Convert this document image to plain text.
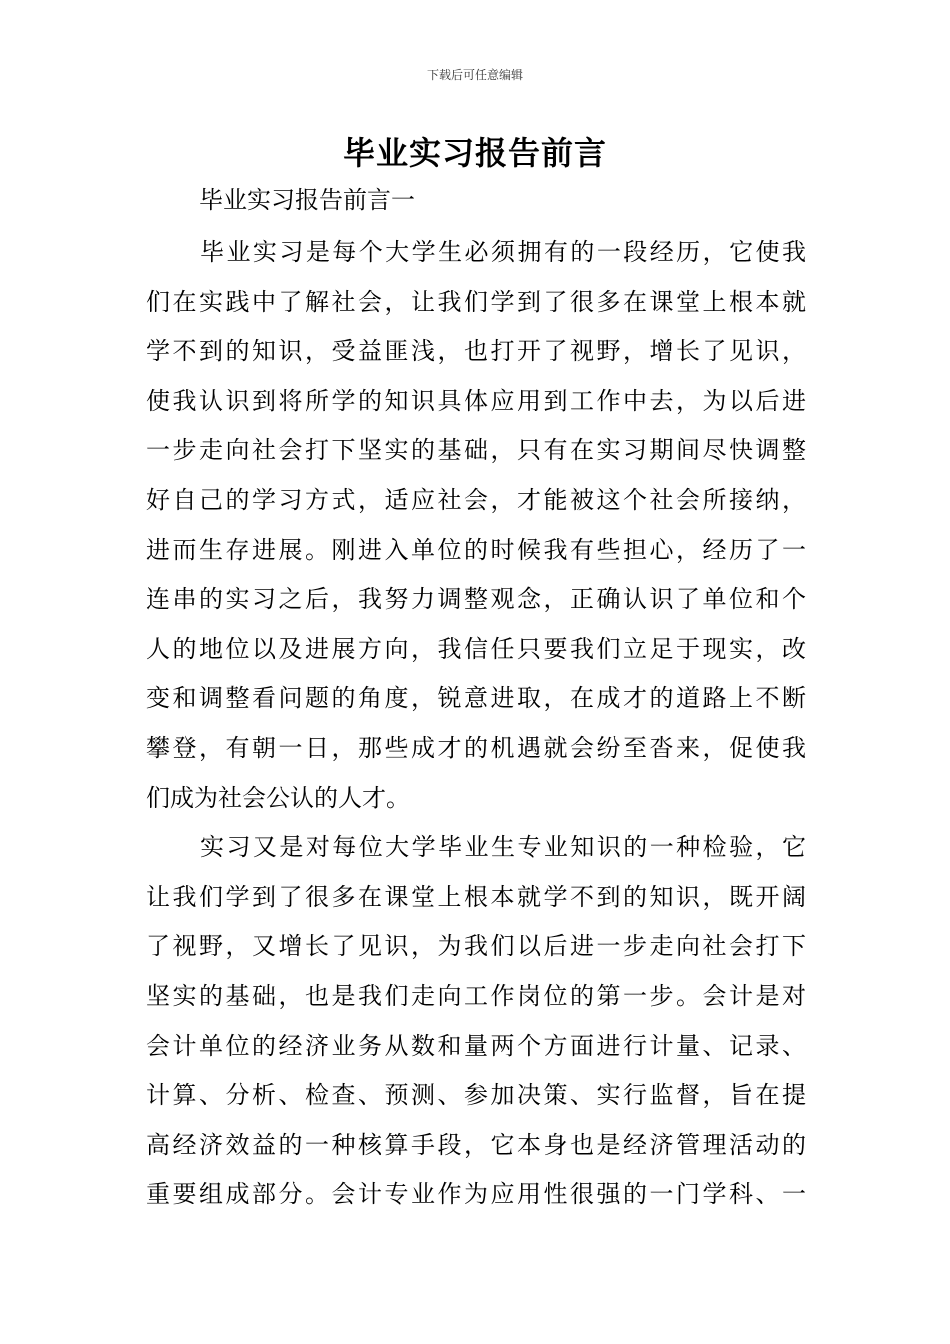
下载后可任意编辑
毕业实习报告前言
毕业实习报告前言一
毕业实习是每个大学生必须拥有的一段经历，它使我
们在实践中了解社会，让我们学到了很多在课堂上根本就
学不到的知识，受益匪浅，也打开了视野，增长了见识，
使我认识到将所学的知识具体应用到工作中去，为以后进
一步走向社会打下坚实的基础，只有在实习期间尽快调整
好自己的学习方式，适应社会，才能被这个社会所接纳，
进而生存进展。刚进入单位的时候我有些担心，经历了一
连串的实习之后，我努力调整观念，正确认识了单位和个
人的地位以及进展方向，我信任只要我们立足于现实，改
变和调整看问题的角度，锐意进取，在成才的道路上不断
攀登，有朝一日，那些成才的机遇就会纷至沓来，促使我
们成为社会公认的人才。
实习又是对每位大学毕业生专业知识的一种检验，它
让我们学到了很多在课堂上根本就学不到的知识，既开阔
了视野，又增长了见识，为我们以后进一步走向社会打下
坚实的基础，也是我们走向工作岗位的第一步。会计是对
会计单位的经济业务从数和量两个方面进行计量、记录、
计算、分析、检查、预测、参加决策、实行监督，旨在提
高经济效益的一种核算手段，它本身也是经济管理活动的
重要组成部分。会计专业作为应用性很强的一门学科、一
